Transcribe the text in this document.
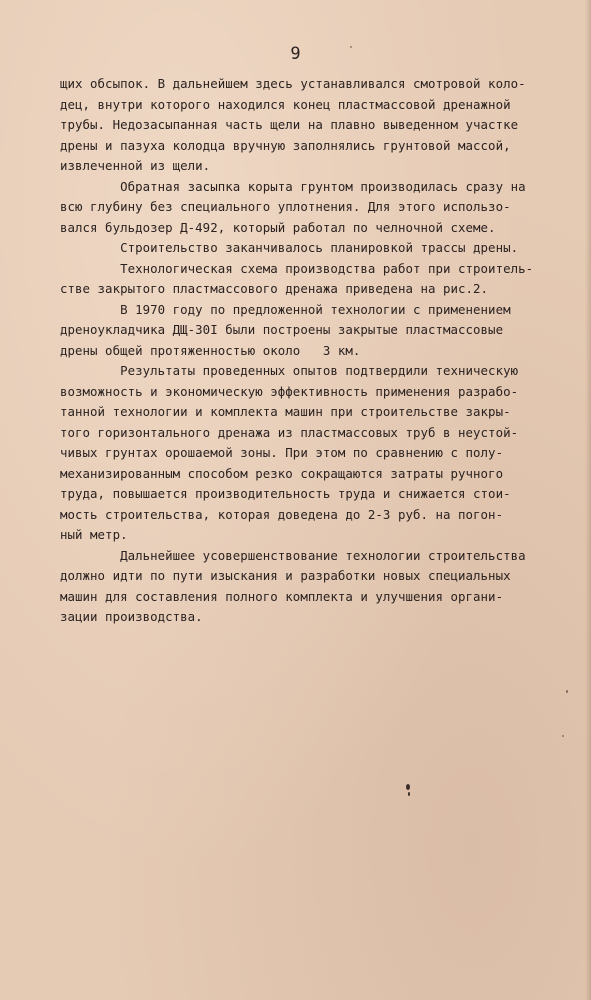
9
щих обсыпок. В дальнейшем здесь устанавливался смотровой коло-
дец, внутри которого находился конец пластмассовой дренажной
трубы. Недозасыпанная часть щели на плавно выведенном участке
дрены и пазуха колодца вручную заполнялись грунтовой массой,
извлеченной из щели.
Обратная засыпка корыта грунтом производилась сразу на
всю глубину без специального уплотнения. Для этого использо-
вался бульдозер Д-492, который работал по челночной схеме.
Строительство заканчивалось планировкой трассы дрены.
Технологическая схема производства работ при строитель-
стве закрытого пластмассового дренажа приведена на рис.2.
В 1970 году по предложенной технологии с применением
дреноукладчика ДЩ-30I были построены закрытые пластмассовые
дрены общей протяженностью около   3 км.
Результаты проведенных опытов подтвердили техническую
возможность и экономическую эффективность применения разрабо-
танной технологии и комплекта машин при строительстве закры-
того горизонтального дренажа из пластмассовых труб в неустой-
чивых грунтах орошаемой зоны. При этом по сравнению с полу-
механизированным способом резко сокращаются затраты ручного
труда, повышается производительность труда и снижается стои-
мость строительства, которая доведена до 2-3 руб. на погон-
ный метр.
Дальнейшее усовершенствование технологии строительства
должно идти по пути изыскания и разработки новых специальных
машин для составления полного комплекта и улучшения органи-
зации производства.
